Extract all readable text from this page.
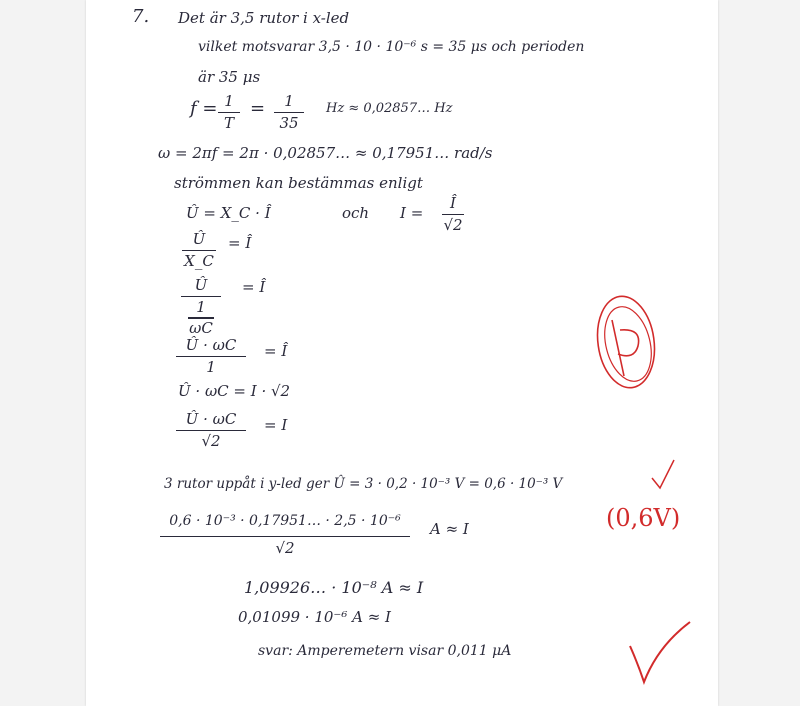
7. Det är 3,5 rutor i x-led
vilket motsvarar 3,5 · 10 · 10⁻⁶ s = 35 μs och perioden
är 35 μs
f = 1
T
= 1
35
Hz ≈ 0,02857… Hz
ω = 2πf = 2π · 0,02857… ≈ 0,17951… rad/s
strömmen kan bestämmas enligt
Û = X_C · Î	och I =
Î
√2
Û
X_C
= Î
Û
1
ωC
= Î
Û · ωC
1
= Î
Û · ωC = I · √2
Û · ωC
√2
= I
3 rutor uppåt i y-led ger Û = 3 · 0,2 · 10⁻³ V = 0,6 · 10⁻³ V
0,6 · 10⁻³ · 0,17951… · 2,5 · 10⁻⁶
√2
A ≈ I
1,09926… · 10⁻⁸ A ≈ I
0,01099 · 10⁻⁶ A ≈ I
svar: Amperemetern visar 0,011 μA
(0,6V)
